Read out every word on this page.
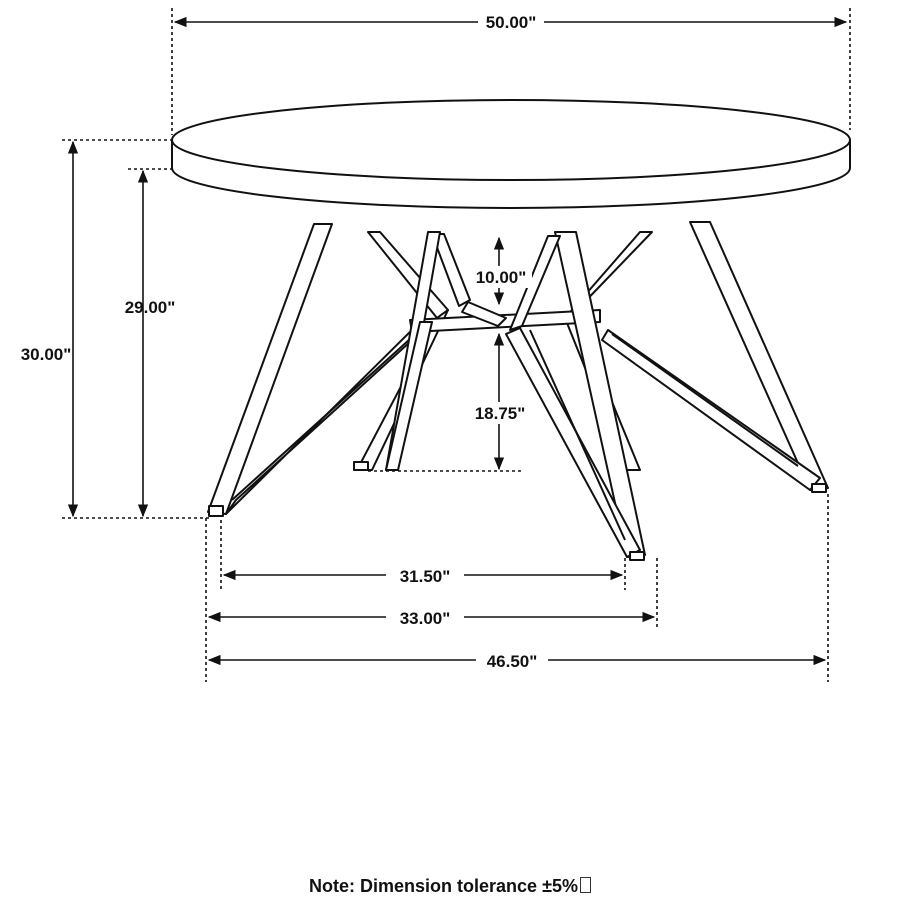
50.00"
30.00"
29.00"
10.00"
18.75"
31.50"
33.00"
46.50"
Note: Dimension tolerance ±5%
